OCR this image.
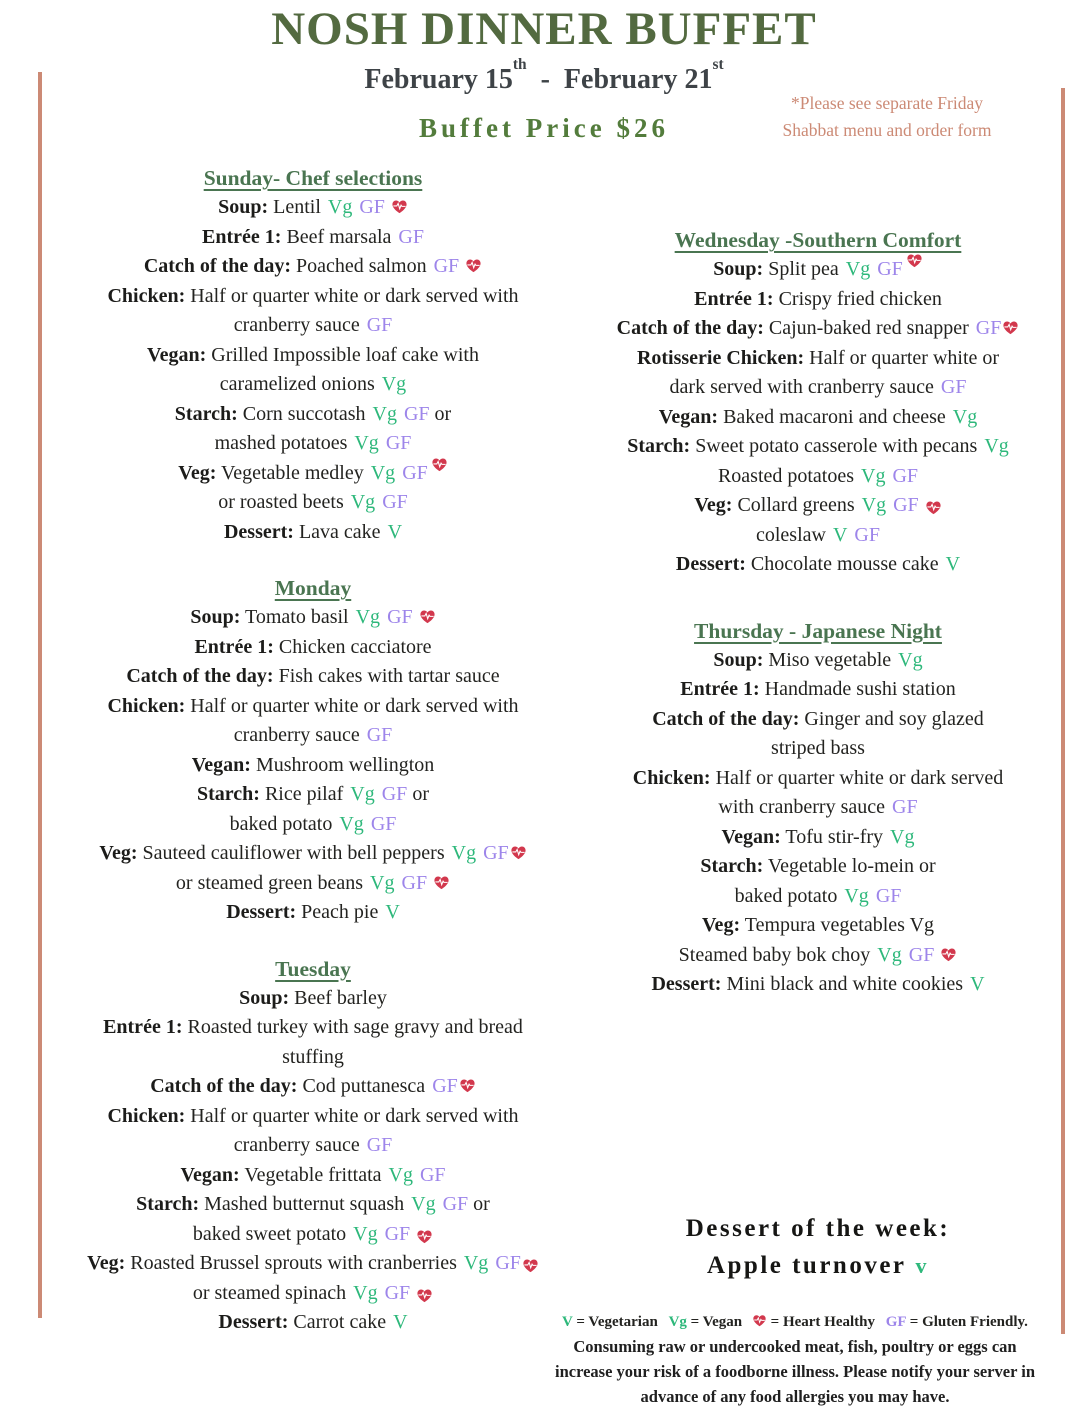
NOSH DINNER BUFFET
February 15th  -  February 21st
Buffet Price $26
*Please see separate Friday
Shabbat menu and order form
Sunday- Chef selections
Soup: Lentil Vg GF
Entrée 1: Beef marsala GF
Catch of the day: Poached salmon GF
Chicken: Half or quarter white or dark served with
cranberry sauce GF
Vegan: Grilled Impossible loaf cake with
caramelized onions Vg
Starch: Corn succotash Vg GF or
mashed potatoes Vg GF
Veg: Vegetable medley Vg GF
or roasted beets Vg GF
Dessert: Lava cake V
Monday
Soup: Tomato basil Vg GF
Entrée 1: Chicken cacciatore
Catch of the day: Fish cakes with tartar sauce
Chicken: Half or quarter white or dark served with
cranberry sauce GF
Vegan: Mushroom wellington
Starch: Rice pilaf Vg GF or
baked potato Vg GF
Veg: Sauteed cauliflower with bell peppers Vg GF
or steamed green beans Vg GF
Dessert: Peach pie V
Tuesday
Soup: Beef barley
Entrée 1: Roasted turkey with sage gravy and bread
stuffing
Catch of the day: Cod puttanesca GF
Chicken: Half or quarter white or dark served with
cranberry sauce GF
Vegan: Vegetable frittata Vg GF
Starch: Mashed butternut squash Vg GF or
baked sweet potato Vg GF
Veg: Roasted Brussel sprouts with cranberries Vg GF
or steamed spinach Vg GF
Dessert: Carrot cake V
Wednesday -Southern Comfort
Soup: Split pea Vg GF
Entrée 1: Crispy fried chicken
Catch of the day: Cajun-baked red snapper GF
Rotisserie Chicken: Half or quarter white or
dark served with cranberry sauce GF
Vegan: Baked macaroni and cheese Vg
Starch: Sweet potato casserole with pecans Vg
Roasted potatoes Vg GF
Veg: Collard greens Vg GF
coleslaw V GF
Dessert: Chocolate mousse cake V
Thursday - Japanese Night
Soup: Miso vegetable Vg
Entrée 1: Handmade sushi station
Catch of the day: Ginger and soy glazed
striped bass
Chicken: Half or quarter white or dark served
with cranberry sauce GF
Vegan: Tofu stir-fry Vg
Starch: Vegetable lo-mein or
baked potato Vg GF
Veg: Tempura vegetables Vg
Steamed baby bok choy Vg GF
Dessert: Mini black and white cookies V
Dessert of the week:
Apple turnover v
V = Vegetarian Vg = Vegan  = Heart Healthy GF = Gluten Friendly.
Consuming raw or undercooked meat, fish, poultry or eggs can
increase your risk of a foodborne illness. Please notify your server in
advance of any food allergies you may have.
